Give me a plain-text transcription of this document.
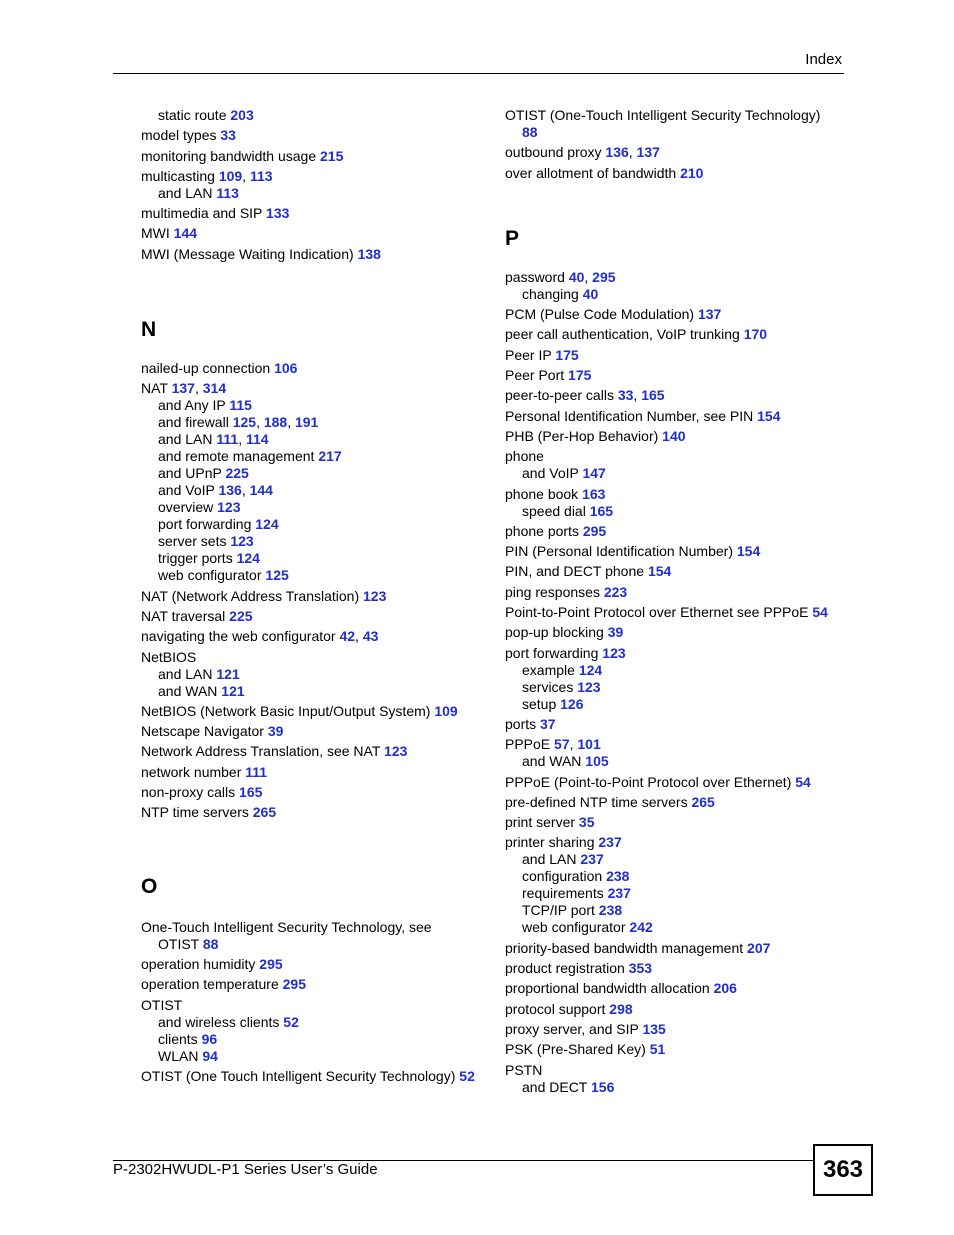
Index
static route 203
model types 33
monitoring bandwidth usage 215
multicasting 109, 113
and LAN 113
multimedia and SIP 133
MWI 144
MWI (Message Waiting Indication) 138
N
nailed-up connection 106
NAT 137, 314
and Any IP 115
and firewall 125, 188, 191
and LAN 111, 114
and remote management 217
and UPnP 225
and VoIP 136, 144
overview 123
port forwarding 124
server sets 123
trigger ports 124
web configurator 125
NAT (Network Address Translation) 123
NAT traversal 225
navigating the web configurator 42, 43
NetBIOS
and LAN 121
and WAN 121
NetBIOS (Network Basic Input/Output System) 109
Netscape Navigator 39
Network Address Translation, see NAT 123
network number 111
non-proxy calls 165
NTP time servers 265
O
One-Touch Intelligent Security Technology, see
OTIST 88
operation humidity 295
operation temperature 295
OTIST
and wireless clients 52
clients 96
WLAN 94
OTIST (One Touch Intelligent Security Technology) 52
OTIST (One-Touch Intelligent Security Technology)
88
outbound proxy 136, 137
over allotment of bandwidth 210
P
password 40, 295
changing 40
PCM (Pulse Code Modulation) 137
peer call authentication, VoIP trunking 170
Peer IP 175
Peer Port 175
peer-to-peer calls 33, 165
Personal Identification Number, see PIN 154
PHB (Per-Hop Behavior) 140
phone
and VoIP 147
phone book 163
speed dial 165
phone ports 295
PIN (Personal Identification Number) 154
PIN, and DECT phone 154
ping responses 223
Point-to-Point Protocol over Ethernet see PPPoE 54
pop-up blocking 39
port forwarding 123
example 124
services 123
setup 126
ports 37
PPPoE 57, 101
and WAN 105
PPPoE (Point-to-Point Protocol over Ethernet) 54
pre-defined NTP time servers 265
print server 35
printer sharing 237
and LAN 237
configuration 238
requirements 237
TCP/IP port 238
web configurator 242
priority-based bandwidth management 207
product registration 353
proportional bandwidth allocation 206
protocol support 298
proxy server, and SIP 135
PSK (Pre-Shared Key) 51
PSTN
and DECT 156
P-2302HWUDL-P1 Series User’s Guide	363
